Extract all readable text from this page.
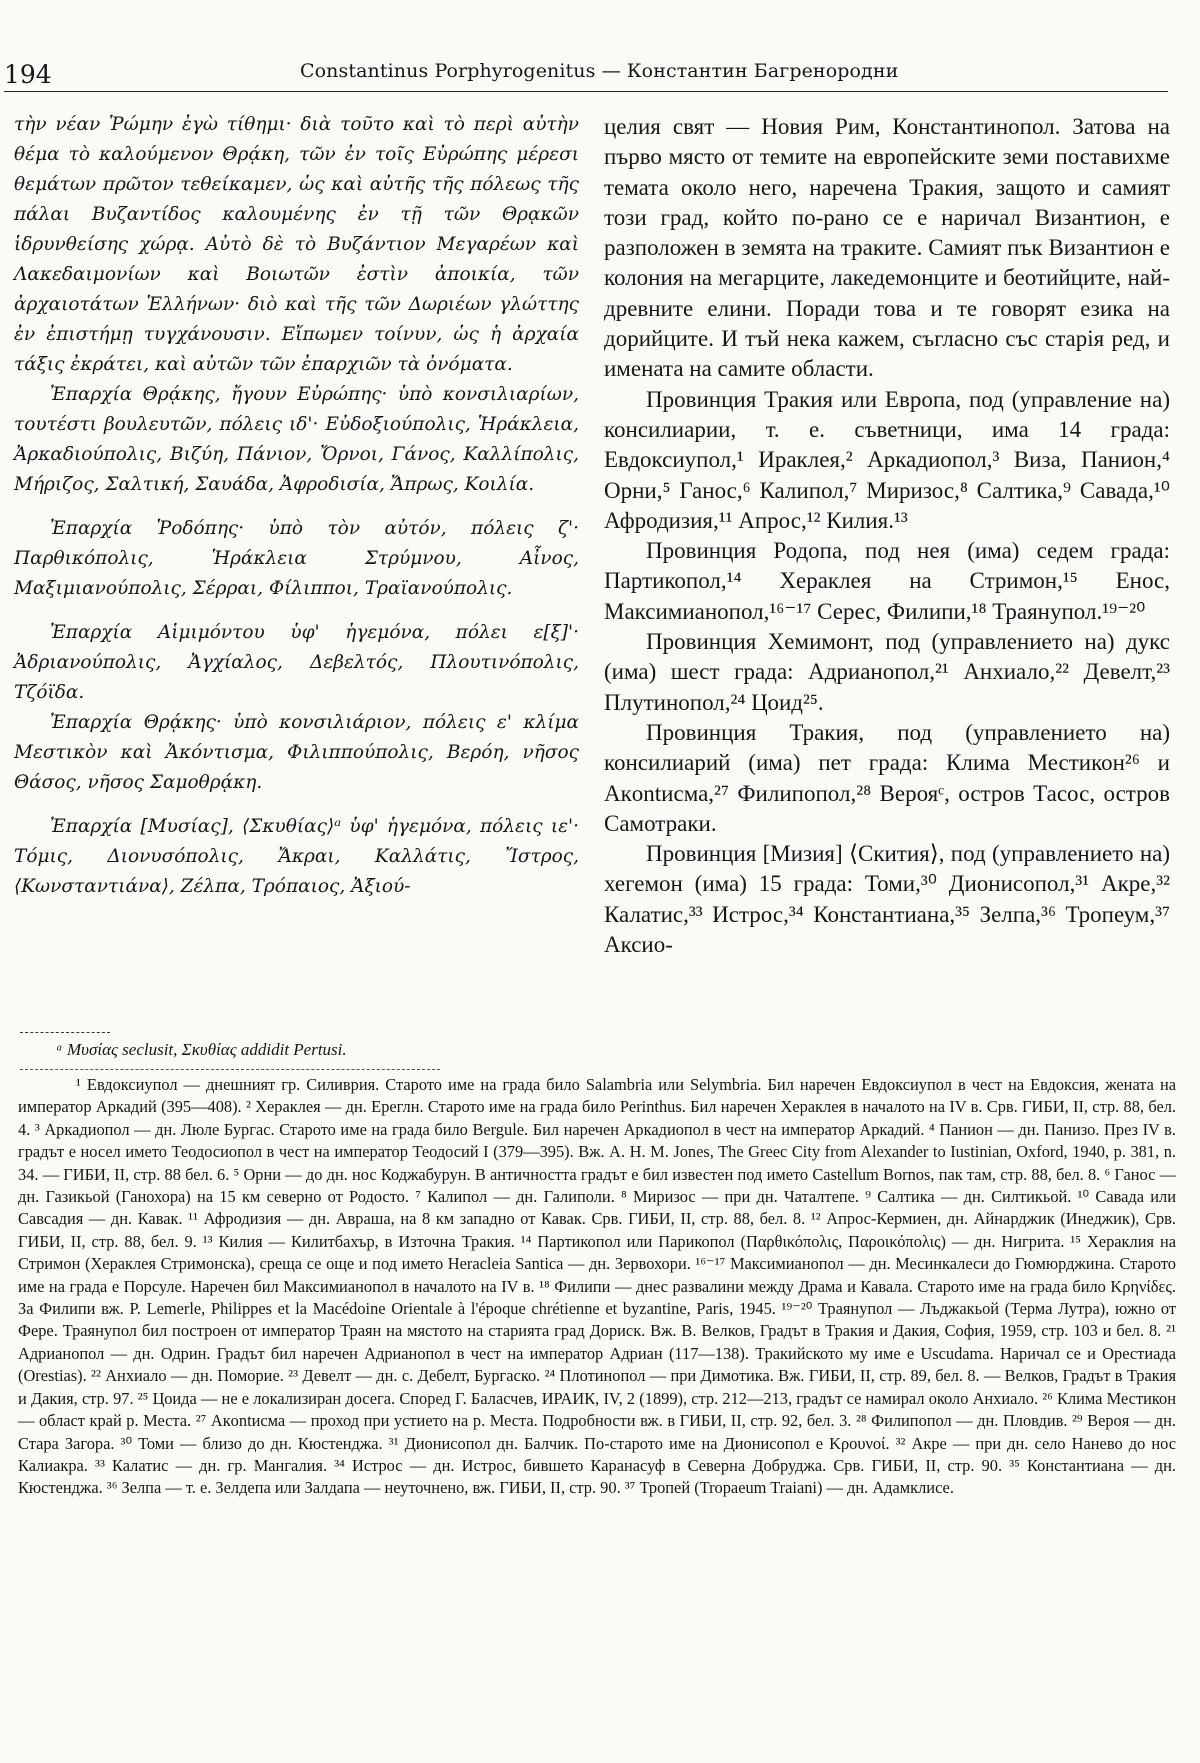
194	Constantinus Porphyrogenitus — Константин Багренородни

τὴν νέαν Ῥώμην ἐγὼ τίθημι· διὰ τοῦτο καὶ τὸ περὶ αὐτὴν θέμα τὸ καλούμενον Θρᾴκη, τῶν ἐν τοῖς Εὐρώπης μέρεσι θεμάτων πρῶτον τεθείκαμεν, ὡς καὶ αὐτῆς τῆς πόλεως τῆς πάλαι Βυζαντίδος καλουμένης ἐν τῇ τῶν Θρᾳκῶν ἱδρυνθείσης χώρᾳ. Αὐτὸ δὲ τὸ Βυζάντιον Μεγαρέων καὶ Λακεδαιμονίων καὶ Βοιωτῶν ἐστὶν ἀποικία, τῶν ἀρχαιοτάτων Ἑλλήνων· διὸ καὶ τῆς τῶν Δωριέων γλώττης ἐν ἐπιστήμῃ τυγχάνουσιν. Εἴπωμεν τοίνυν, ὡς ἡ ἀρχαία τάξις ἐκράτει, καὶ αὐτῶν τῶν ἐπαρχιῶν τὰ ὀνόματα.

Ἐπαρχία Θρᾴκης, ἤγουν Εὐρώπης· ὑπὸ κονσιλιαρίων, τουτέστι βουλευτῶν, πόλεις ιδ'· Εὐδοξιούπολις, Ἡράκλεια, Ἀρκαδιούπολις, Βιζύη, Πάνιον, Ὄρνοι, Γάνος, Καλλίπολις, Μήριζος, Σαλτική, Σαυάδα, Ἀφροδισία, Ἄπρως, Κοιλία.

Ἐπαρχία Ῥοδόπης· ὑπὸ τὸν αὐτόν, πόλεις ζ'· Παρθικόπολις, Ἡράκλεια Στρύμνου, Αἶνος, Μαξιμιανούπολις, Σέρραι, Φίλιπποι, Τραϊανούπολις.

Ἐπαρχία Αἱμιμόντου ὑφ' ἡγεμόνα, πόλει ε[ξ]'· Ἀδριανούπολις, Ἀγχίαλος, Δεβελτός, Πλουτινόπολις, Τζόϊδα.

Ἐπαρχία Θρᾴκης· ὑπὸ κονσιλιάριον, πόλεις ε' κλίμα Μεστικὸν καὶ Ἀκόντισμα, Φιλιππούπολις, Βερόη, νῆσος Θάσος, νῆσος Σαμοθρᾴκη.

Ἐπαρχία [Μυσίας], ⟨Σκυθίας⟩ᵃ ὑφ' ἡγεμόνα, πόλεις ιε'· Τόμις, Διονυσόπολις, Ἄκραι, Καλλάτις, Ἴστρος, ⟨Κωνσταντιάνα⟩, Ζέλπα, Τρόπαιος, Ἀξιού-

целия свят — Новия Рим, Константинопол. Затова на първо място от темите на европейските земи поставихме темата около него, наречена Тракия, защото и самият този град, който по-рано се е наричал Византион, е разположен в земята на траките. Самият пък Византион е колония на мегарците, лакедемонците и беотийците, най-древните елини. Поради това и те говорят езика на дорийците. И тъй нека кажем, съгласно със старія ред, и имената на самите области.

Провинция Тракия или Европа, под (управление на) консилиарии, т. е. съветници, има 14 града: Евдоксиупол,¹ Ираклея,² Аркадиопол,³ Виза, Панион,⁴ Орни,⁵ Ганос,⁶ Калипол,⁷ Миризос,⁸ Салтика,⁹ Савада,¹⁰ Афродизия,¹¹ Апрос,¹² Килия.¹³

Провинция Родопа, под нея (има) седем града: Партикопол,¹⁴ Хераклея на Стримон,¹⁵ Енос, Максимианопол,¹⁶⁻¹⁷ Серес, Филипи,¹⁸ Траянупол.¹⁹⁻²⁰

Провинция Хемимонт, под (управлението на) дукс (има) шест града: Адрианопол,²¹ Анхиало,²² Девелт,²³ Плутинопол,²⁴ Цоид²⁵.

Провинция Тракия, под (управлението на) консилиарий (има) пет града: Клима Местикон²⁶ и Акontисма,²⁷ Филипопол,²⁸ Верояᶜ, остров Тасос, остров Самотраки.

Провинция [Мизия] ⟨Скития⟩, под (управлението на) хегемон (има) 15 града: Томи,³⁰ Дионисопол,³¹ Акре,³² Калатис,³³ Истрос,³⁴ Константиана,³⁵ Зелпа,³⁶ Тропеум,³⁷ Аксио-

ᵃ Μυσίας seclusit, Σκυθίας addidit Pertusi.

¹ Евдоксиупол — днешният гр. Силиврия. Старото име на града било Salambria или Selymbria. Бил наречен Евдоксиупол в чест на Евдоксия, жената на император Аркадий (395—408). ² Хераклея — дн. Ереглн. Старото име на града било Perinthus. Бил наречен Хераклея в началото на IV в. Срв. ГИБИ, II, стр. 88, бел. 4. ³ Аркадиопол — дн. Люле Бургас. Старото име на града било Bergule. Бил наречен Аркадиопол в чест на император Аркадий. ⁴ Панион — дн. Панизо. През IV в. градът е носел името Теодосиопол в чест на император Теодосий I (379—395). Вж. A. H. M. Jones, The Greec City from Alexander to Iustinian, Oxford, 1940, p. 381, n. 34. — ГИБИ, II, стр. 88 бел. 6. ⁵ Орни — до дн. нос Коджабурун. В античността градът е бил известен под името Castellum Bornos, пак там, стр. 88, бел. 8. ⁶ Ганос — дн. Газикьой (Ганохора) на 15 км северно от Родосто. ⁷ Калипол — дн. Галиполи. ⁸ Миризос — при дн. Чаталтепе. ⁹ Салтика — дн. Силтикьой. ¹⁰ Савада или Савсадия — дн. Кавак. ¹¹ Афродизия — дн. Авраша, на 8 км западно от Кавак. Срв. ГИБИ, II, стр. 88, бел. 8. ¹² Апрос-Кермиен, дн. Айнарджик (Инеджик), Срв. ГИБИ, II, стр. 88, бел. 9. ¹³ Килия — Килитбахър, в Източна Тракия. ¹⁴ Партикопол или Парикопол (Παρθικόπολις, Παροικόπολις) — дн. Нигрита. ¹⁵ Хераклия на Стримон (Хераклея Стримонска), среща се още и под името Heracleia Santica — дн. Зервохори. ¹⁶⁻¹⁷ Максимианопол — дн. Месинкалеси до Гюмюрджина. Старото име на града е Порсуле. Наречен бил Максимианопол в началото на IV в. ¹⁸ Филипи — днес развалини между Драма и Кавала. Старото име на града било Κρηνίδες. За Филипи вж. P. Lemerle, Philippes et la Macédoine Orientale à l'époque chrétienne et byzantine, Paris, 1945. ¹⁹⁻²⁰ Траянупол — Лъджакьой (Терма Лутра), южно от Фере. Траянупол бил построен от император Траян на мястото на старията град Дориск. Вж. В. Велков, Градът в Тракия и Дакия, София, 1959, стр. 103 и бел. 8. ²¹ Адрианопол — дн. Одрин. Градът бил наречен Адрианопол в чест на император Адриан (117—138). Тракийското му име е Uscudama. Наричал се и Орестиада (Orestias). ²² Анхиало — дн. Поморие. ²³ Девелт — дн. с. Дебелт, Бургаско. ²⁴ Плотинопол — при Димотика. Вж. ГИБИ, II, стр. 89, бел. 8. — Велков, Градът в Тракия и Дакия, стр. 97. ²⁵ Цоида — не е локализиран досега. Според Г. Баласчев, ИРАИК, IV, 2 (1899), стр. 212—213, градът се намирал около Анхиало. ²⁶ Клима Местикон — област край р. Места. ²⁷ Акontисма — проход при устието на р. Места. Подробности вж. в ГИБИ, II, стр. 92, бел. 3. ²⁸ Филипопол — дн. Пловдив. ²⁹ Верoя — дн. Стара Загора. ³⁰ Томи — близо до дн. Кюстенджа. ³¹ Дионисопол дн. Балчик. По-старото име на Дионисопол е Κρουνοί. ³² Акре — при дн. село Нанево до нос Калиакра. ³³ Калатис — дн. гр. Мангалия. ³⁴ Истрос — дн. Истрос, бившето Каранасуф в Северна Добруджа. Срв. ГИБИ, II, стр. 90. ³⁵ Константиана — дн. Кюстенджа. ³⁶ Зелпа — т. е. Зелдепа или Залдапа — неуточнено, вж. ГИБИ, II, стр. 90. ³⁷ Тропей (Tropaeum Traiani) — дн. Адамклисе.
